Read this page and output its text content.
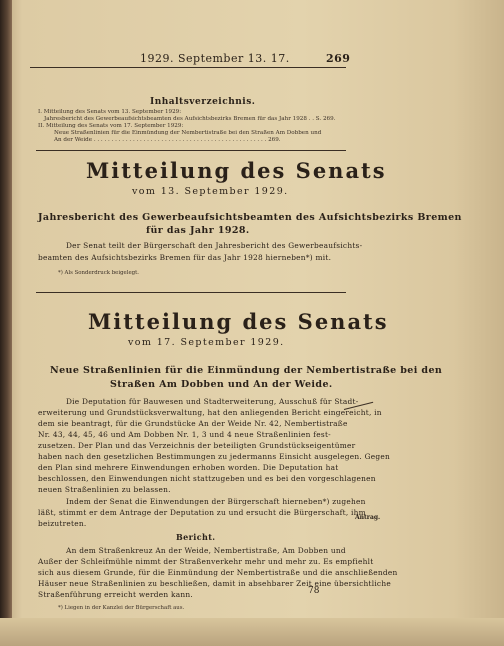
1929. September 13. 17.	269
Inhaltsverzeichnis.
I. Mitteilung des Senats vom 13. September 1929:
Jahresbericht des Gewerbeaufsichtsbeamten des Aufsichtsbezirks Bremen für das Jahr 1928 . . S. 269.
II. Mitteilung des Senats vom 17. September 1929:
Neue Straßenlinien für die Einmündung der Nembertistraße bei den Straßen Am Dobben und
An der Weide . . . . . . . . . . . . . . . . . . . . . . . . . . . . . . . . . . . . . . . . . . . . . . . . . 269.
Mitteilung des Senats
vom 13. September 1929.
Jahresbericht des Gewerbeaufsichtsbeamten des Aufsichtsbezirks Bremen
für das Jahr 1928.
Der Senat teilt der Bürgerschaft den Jahresbericht des Gewerbeaufsichts-
beamten des Aufsichtsbezirks Bremen für das Jahr 1928 hierneben*) mit.
*) Als Sonderdruck beigelegt.
Mitteilung des Senats
vom 17. September 1929.
Neue Straßenlinien für die Einmündung der Nembertistraße bei den
Straßen Am Dobben und An der Weide.
Die Deputation für Bauwesen und Stadterweiterung, Ausschuß für Stadt-
erweiterung und Grundstücksverwaltung, hat den anliegenden Bericht eingereicht, in
dem sie beantragt, für die Grundstücke An der Weide Nr. 42, Nembertistraße
Nr. 43, 44, 45, 46 und Am Dobben Nr. 1, 3 und 4 neue Straßenlinien fest-
zusetzen. Der Plan und das Verzeichnis der beteiligten Grundstückseigentümer
haben nach den gesetzlichen Bestimmungen zu jedermanns Einsicht ausgelegen. Gegen
den Plan sind mehrere Einwendungen erhoben worden. Die Deputation hat
beschlossen, den Einwendungen nicht stattzugeben und es bei den vorgeschlagenen
neuen Straßenlinien zu belassen.
Indem der Senat die Einwendungen der Bürgerschaft hierneben*) zugehen
läßt, stimmt er dem Antrage der Deputation zu und ersucht die Bürgerschaft, ihm
beizutreten.
Antrag.
Bericht.
An dem Straßenkreuz An der Weide, Nembertistraße, Am Dobben und
Außer der Schleifmühle nimmt der Straßenverkehr mehr und mehr zu. Es empfiehlt
sich aus diesem Grunde, für die Einmündung der Nembertistraße und die anschließenden
Häuser neue Straßenlinien zu beschließen, damit in absehbarer Zeit eine übersichtliche
Straßenführung erreicht werden kann.
*) Liegen in der Kanzlei der Bürgerschaft aus.
78
